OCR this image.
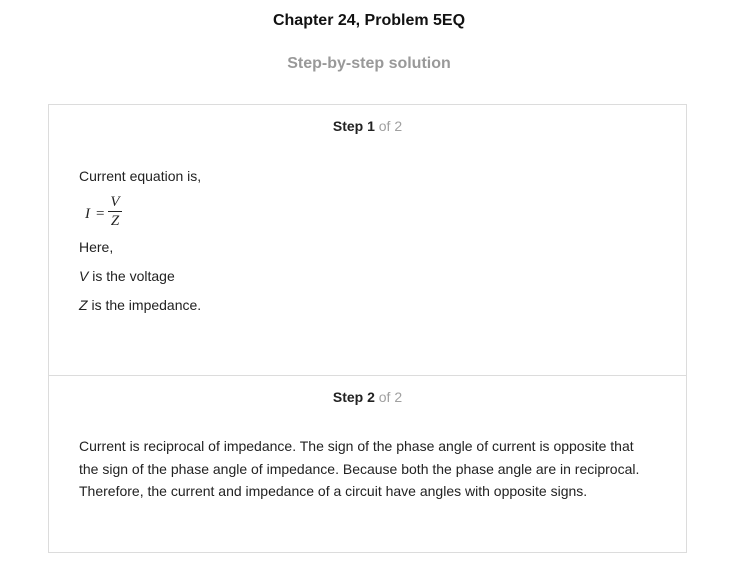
Chapter 24, Problem 5EQ
Step-by-step solution
Step 1 of 2
Current equation is,
I =
V
Z
Here,
V is the voltage
Z is the impedance.
Step 2 of 2
Current is reciprocal of impedance. The sign of the phase angle of current is opposite that the sign of the phase angle of impedance. Because both the phase angle are in reciprocal. Therefore, the current and impedance of a circuit have angles with opposite signs.
